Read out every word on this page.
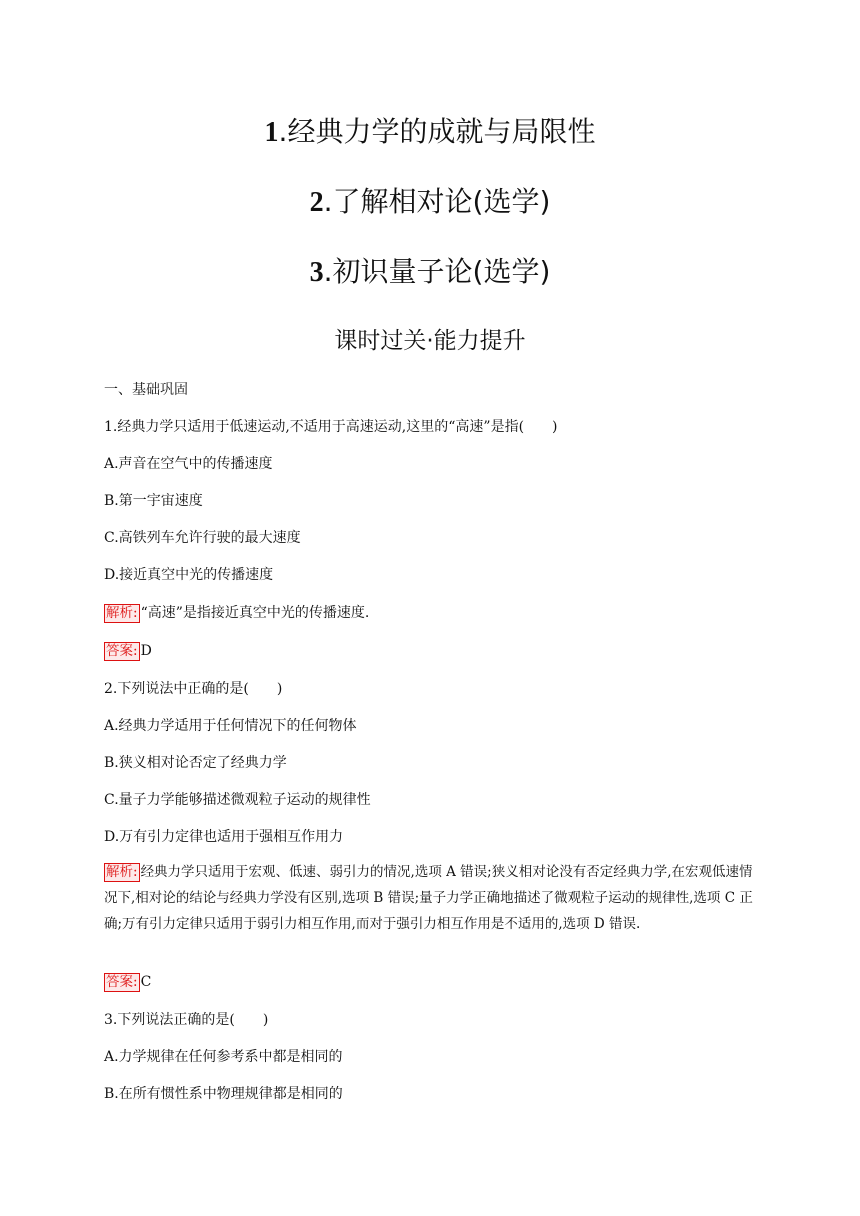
1.经典力学的成就与局限性
2.了解相对论(选学)
3.初识量子论(选学)
课时过关·能力提升
一、基础巩固
1.经典力学只适用于低速运动,不适用于高速运动,这里的“高速”是指(　　)
A.声音在空气中的传播速度
B.第一宇宙速度
C.高铁列车允许行驶的最大速度
D.接近真空中光的传播速度
解析: “高速”是指接近真空中光的传播速度.
答案: D
2.下列说法中正确的是(　　)
A.经典力学适用于任何情况下的任何物体
B.狭义相对论否定了经典力学
C.量子力学能够描述微观粒子运动的规律性
D.万有引力定律也适用于强相互作用力
解析: 经典力学只适用于宏观、低速、弱引力的情况,选项 A 错误;狭义相对论没有否定经典力学,在宏观低速情况下,相对论的结论与经典力学没有区别,选项 B 错误;量子力学正确地描述了微观粒子运动的规律性,选项 C 正确;万有引力定律只适用于弱引力相互作用,而对于强引力相互作用是不适用的,选项 D 错误.
答案: C
3.下列说法正确的是(　　)
A.力学规律在任何参考系中都是相同的
B.在所有惯性系中物理规律都是相同的
